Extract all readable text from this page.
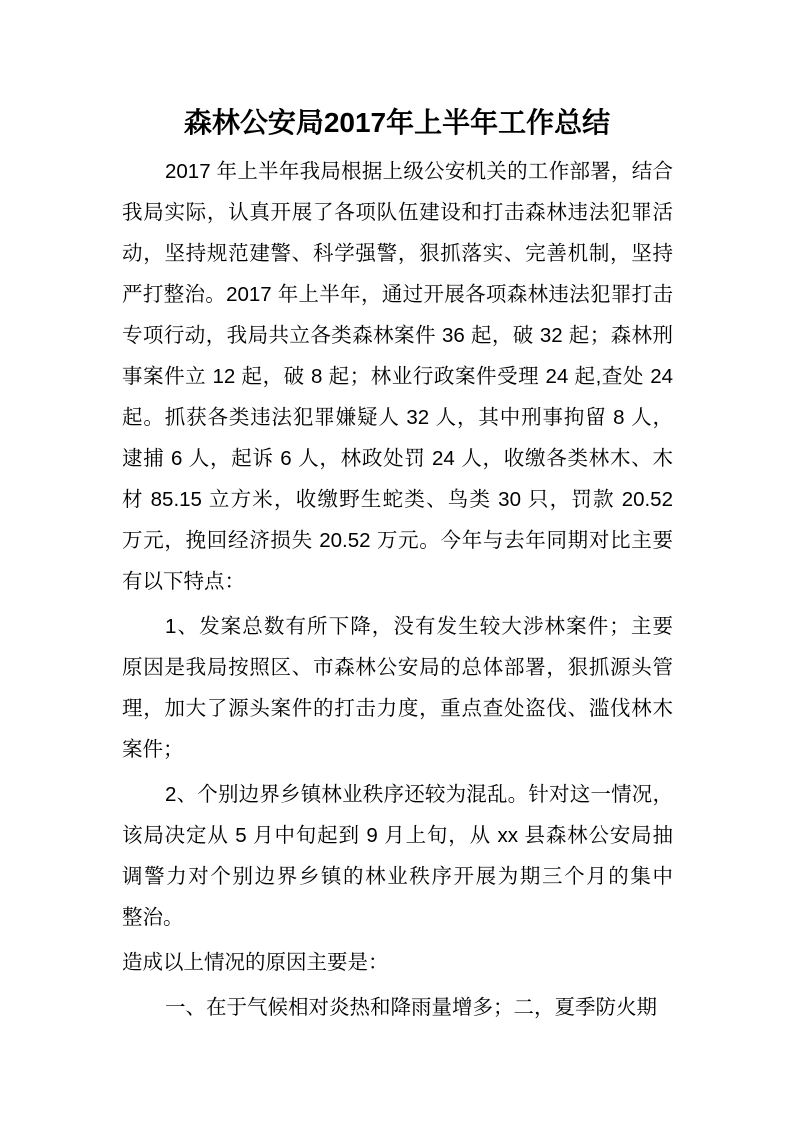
森林公安局2017年上半年工作总结
2017 年上半年我局根据上级公安机关的工作部署，结合
我局实际，认真开展了各项队伍建设和打击森林违法犯罪活
动，坚持规范建警、科学强警，狠抓落实、完善机制，坚持
严打整治。2017 年上半年，通过开展各项森林违法犯罪打击
专项行动，我局共立各类森林案件 36 起，破 32 起；森林刑
事案件立 12 起，破 8 起；林业行政案件受理 24 起,查处 24
起。抓获各类违法犯罪嫌疑人 32 人，其中刑事拘留 8 人，
逮捕 6 人，起诉 6 人，林政处罚 24 人，收缴各类林木、木
材 85.15 立方米，收缴野生蛇类、鸟类 30 只，罚款 20.52
万元，挽回经济损失 20.52 万元。今年与去年同期对比主要
有以下特点：
1、发案总数有所下降，没有发生较大涉林案件；主要
原因是我局按照区、市森林公安局的总体部署，狠抓源头管
理，加大了源头案件的打击力度，重点查处盗伐、滥伐林木
案件；
2、个别边界乡镇林业秩序还较为混乱。针对这一情况，
该局决定从 5 月中旬起到 9 月上旬，从 xx 县森林公安局抽
调警力对个别边界乡镇的林业秩序开展为期三个月的集中
整治。
造成以上情况的原因主要是：
一、在于气候相对炎热和降雨量增多；二，夏季防火期
